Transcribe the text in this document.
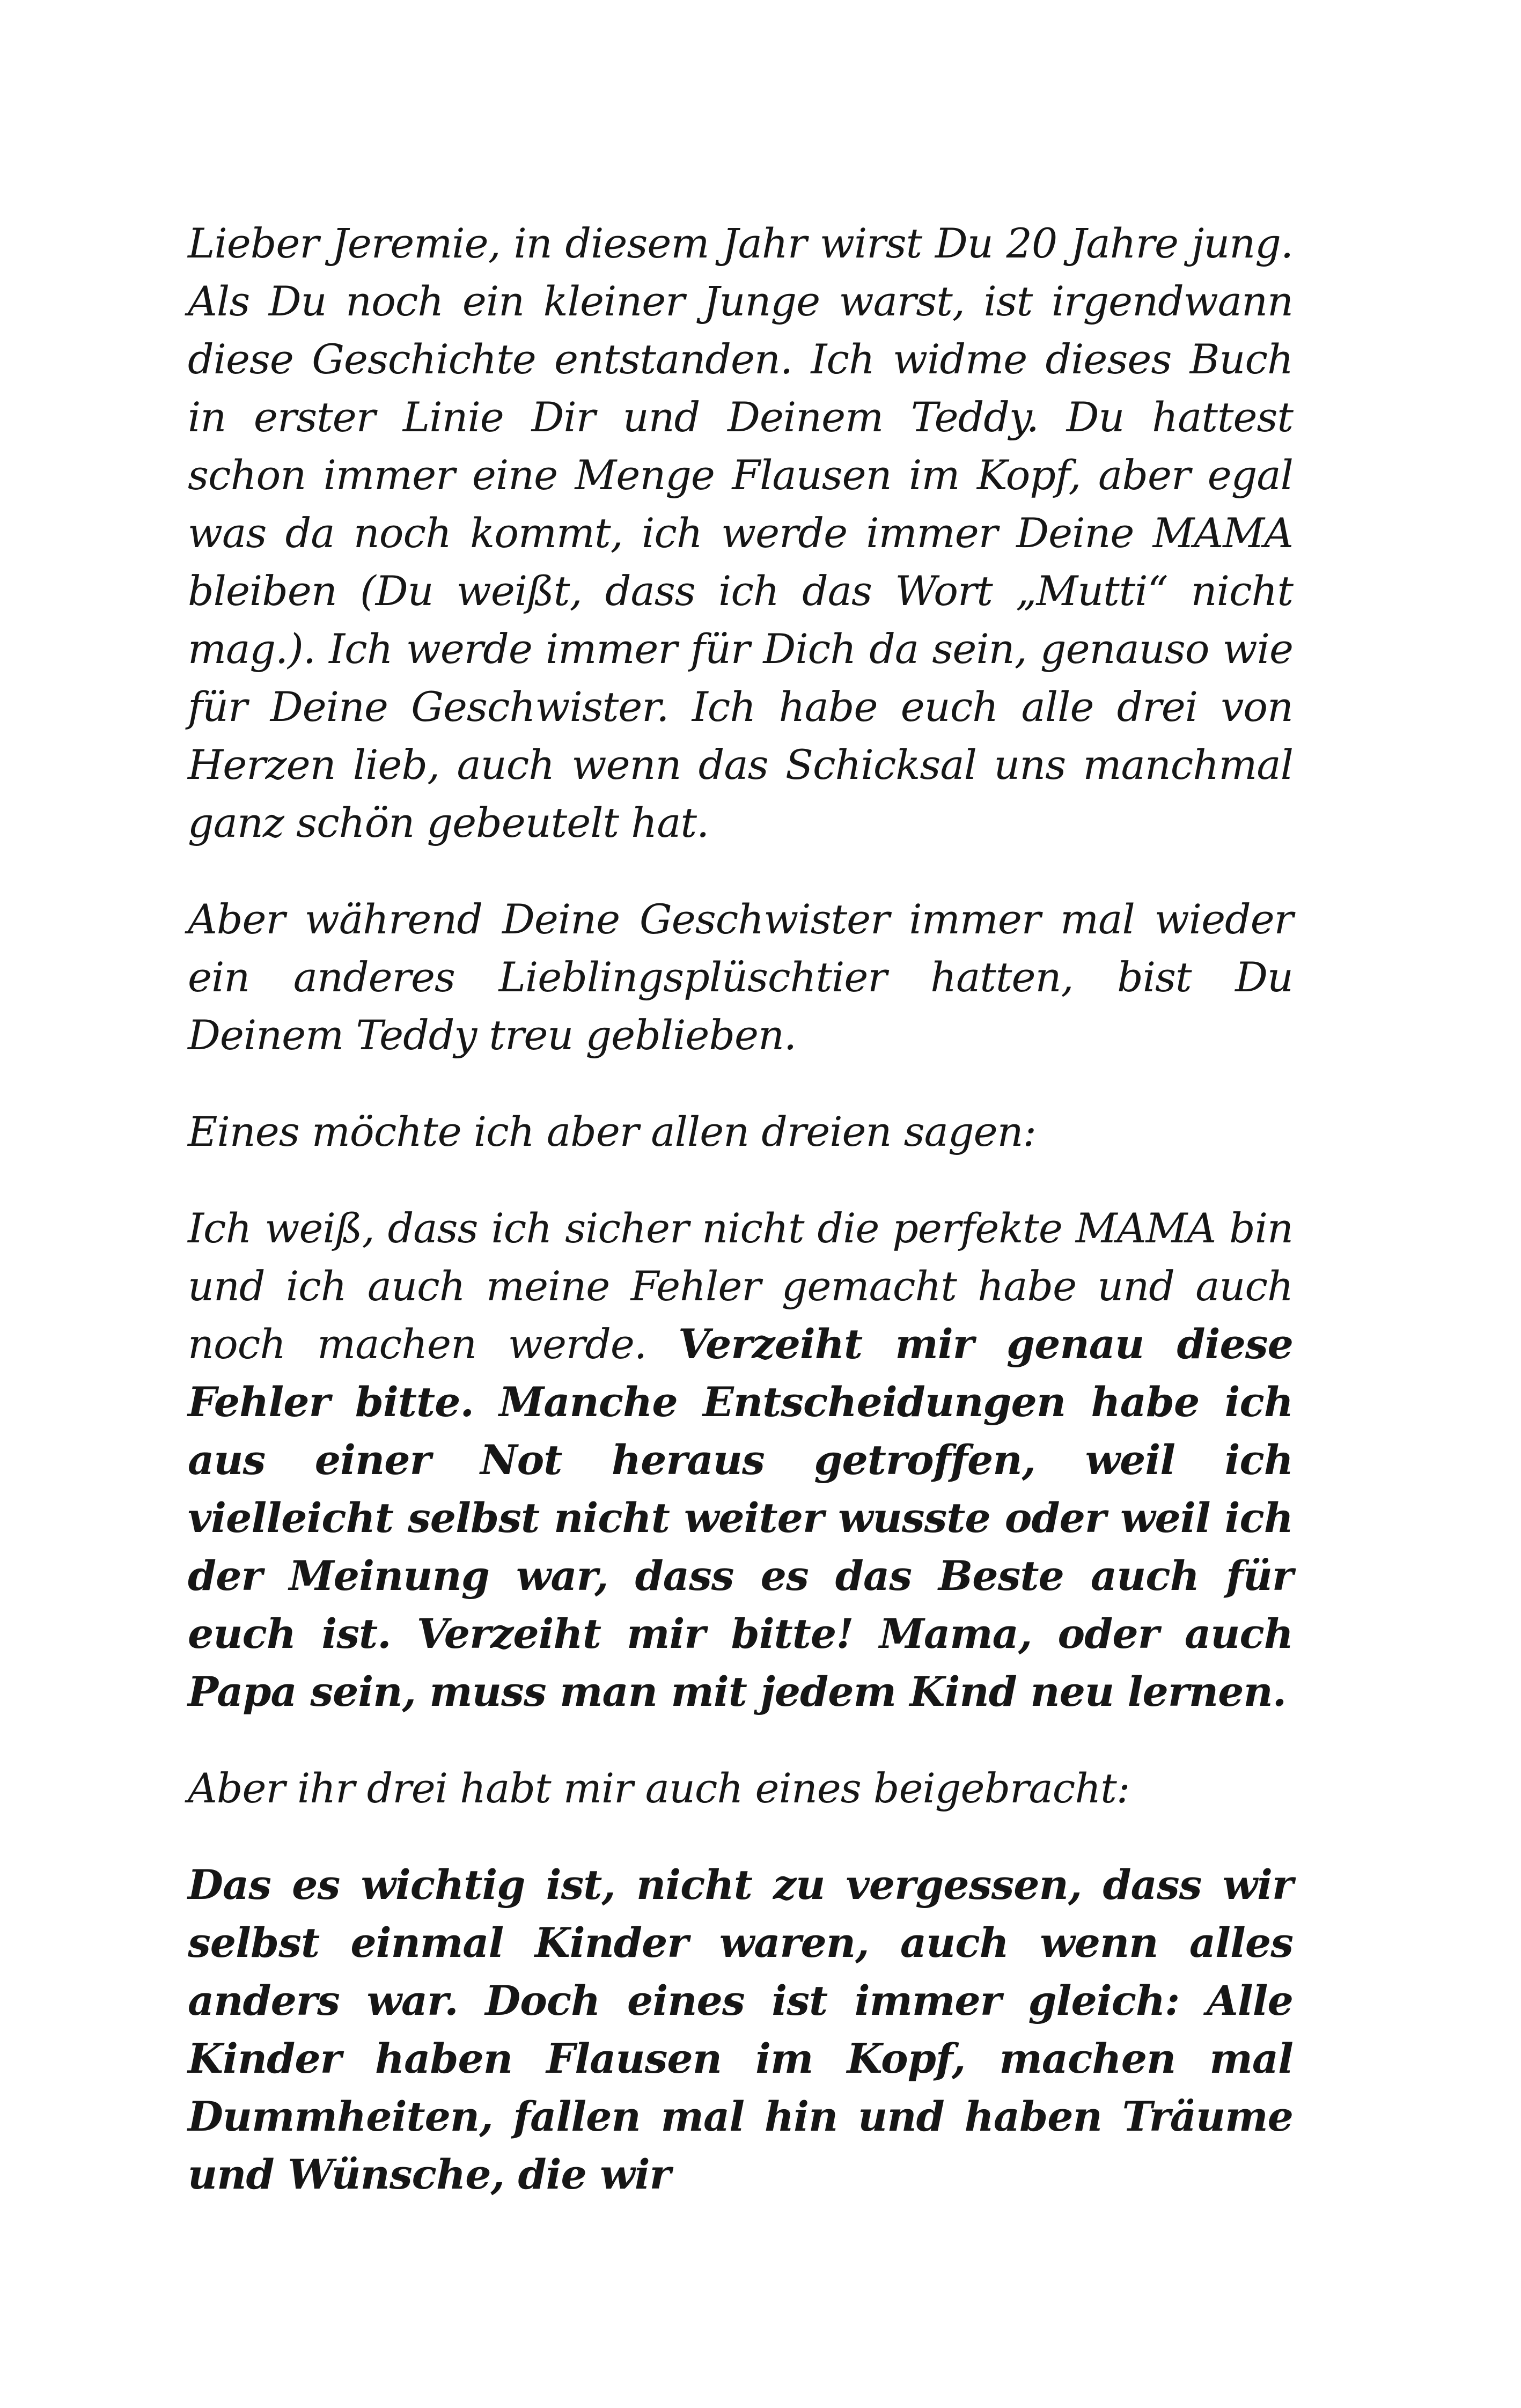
Lieber Jeremie, in diesem Jahr wirst Du 20 Jahre jung. Als Du noch ein kleiner Junge warst, ist irgendwann diese Geschichte entstanden. Ich widme dieses Buch in erster Linie Dir und Deinem Teddy. Du hattest schon immer eine Menge Flausen im Kopf, aber egal was da noch kommt, ich werde immer Deine MAMA bleiben (Du weißt, dass ich das Wort „Mutti“ nicht mag.). Ich werde immer für Dich da sein, genauso wie für Deine Geschwister. Ich habe euch alle drei von Herzen lieb, auch wenn das Schicksal uns manchmal ganz schön gebeutelt hat.

Aber während Deine Geschwister immer mal wieder ein anderes Lieblingsplüschtier hatten, bist Du Deinem Teddy treu geblieben.

Eines möchte ich aber allen dreien sagen:

Ich weiß, dass ich sicher nicht die perfekte MAMA bin und ich auch meine Fehler gemacht habe und auch noch machen werde. Verzeiht mir genau diese Fehler bitte. Manche Entscheidungen habe ich aus einer Not heraus getroffen, weil ich vielleicht selbst nicht weiter wusste oder weil ich der Meinung war, dass es das Beste auch für euch ist. Verzeiht mir bitte! Mama, oder auch Papa sein, muss man mit jedem Kind neu lernen.

Aber ihr drei habt mir auch eines beigebracht:

Das es wichtig ist, nicht zu vergessen, dass wir selbst einmal Kinder waren, auch wenn alles anders war. Doch eines ist immer gleich: Alle Kinder haben Flausen im Kopf, machen mal Dummheiten, fallen mal hin und haben Träume und Wünsche, die wir
